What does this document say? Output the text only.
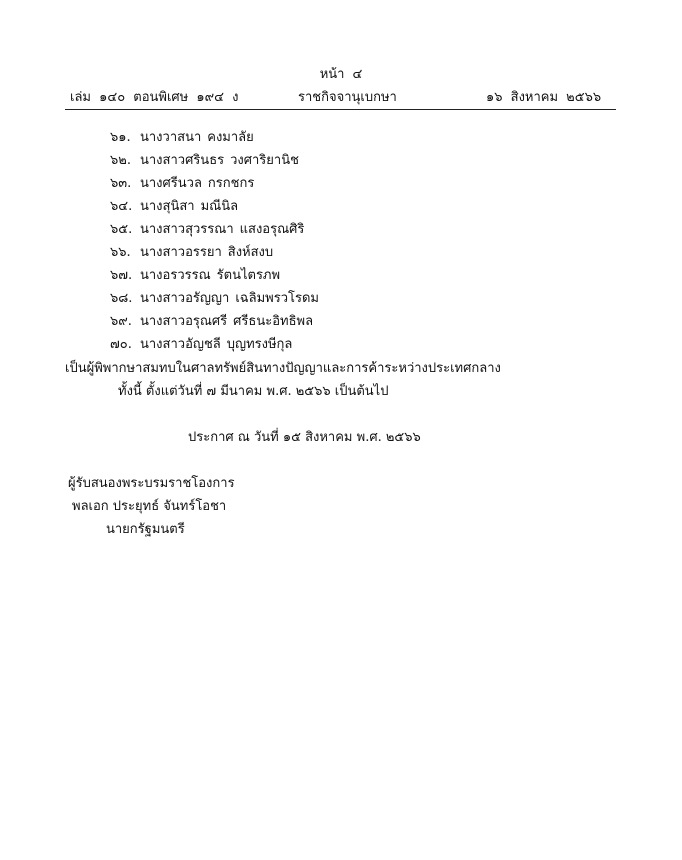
หน้า ๔
เล่ม ๑๔๐ ตอนพิเศษ ๑๙๔ ง	ราชกิจจานุเบกษา	๑๖ สิงหาคม ๒๕๖๖
๖๑. นางวาสนา คงมาลัย
๖๒. นางสาวศรินธร วงศาริยานิช
๖๓. นางศรีนวล กรกชกร
๖๔. นางสุนิสา มณีนิล
๖๕. นางสาวสุวรรณา แสงอรุณศิริ
๖๖. นางสาวอรรยา สิงห์สงบ
๖๗. นางอรวรรณ รัตนไตรภพ
๖๘. นางสาวอรัญญา เฉลิมพรวโรดม
๖๙. นางสาวอรุณศรี ศรีธนะอิทธิพล
๗๐. นางสาวอัญชลี บุญทรงษีกุล
เป็นผู้พิพากษาสมทบในศาลทรัพย์สินทางปัญญาและการค้าระหว่างประเทศกลาง
ทั้งนี้ ตั้งแต่วันที่ ๗ มีนาคม พ.ศ. ๒๕๖๖ เป็นต้นไป
ประกาศ ณ วันที่ ๑๕ สิงหาคม พ.ศ. ๒๕๖๖
ผู้รับสนองพระบรมราชโองการ
พลเอก ประยุทธ์ จันทร์โอชา
นายกรัฐมนตรี
